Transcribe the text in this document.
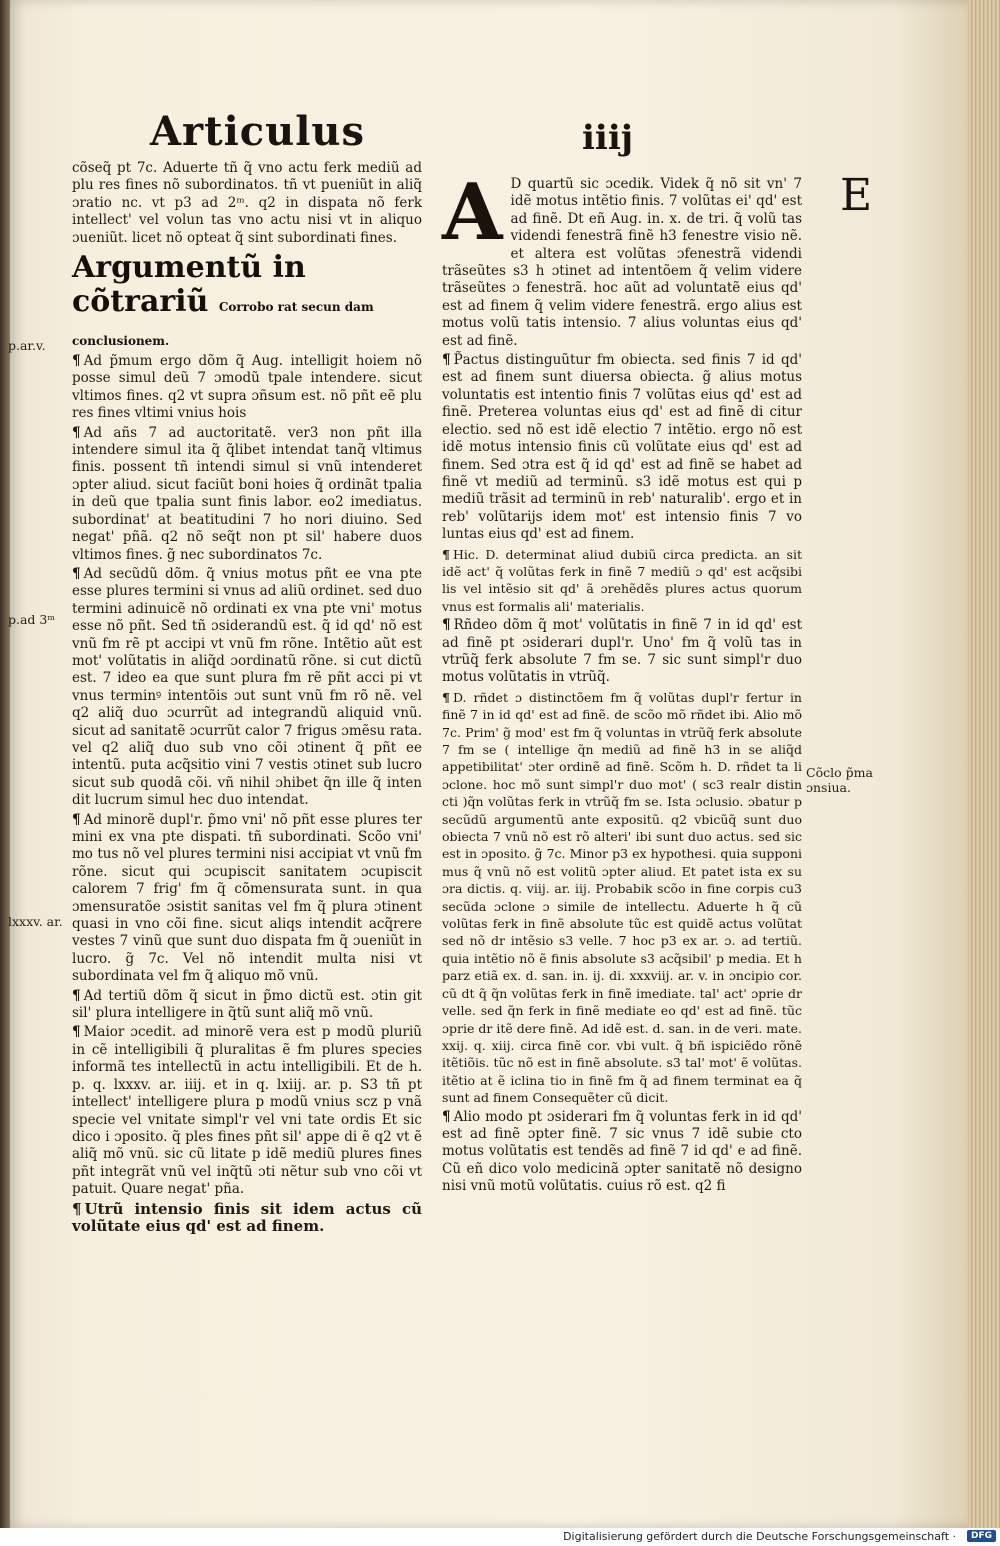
Articulus	iiij
E
p.ar.v.
p.ad 3ᵐ
lxxxv. ar.
Cõclo p̃ma ɔnsiua.

cõseq̃ pt 7c. Aduerte tñ q̃ vno actu ferk mediũ ad plu res fines nõ subordinatos. tñ vt pueniũt in aliq̃ ɔratio nc. vt p3 ad 2ᵐ. q2 in dispata nõ ferk intellect' vel volun tas vno actu nisi vt in aliquo ɔueniũt. licet nõ opteat q̃ sint subordinati fines.

Argumentũ in cõtrariũ Corrobo rat secun dam conclusionem.

¶ Ad p̃mum ergo dõm q̃ Aug. intelligit hoiem nõ posse simul deũ 7 ɔmodũ tpale intendere. sicut vltimos fines. q2 vt supra ɔñsum est. nõ pñt eẽ plu res fines vltimi vnius hois

¶ Ad añs 7 ad auctoritatẽ. ver3 non pñt illa intendere simul ita q̃ q̃libet intendat tanq̃ vltimus finis. possent tñ intendi simul si vnũ intenderet ɔpter aliud. sicut faciũt boni hoies q̃ ordinãt tpalia in deũ que tpalia sunt finis labor. eo2 imediatus. subordinat' at beatitudini 7 ho nori diuino. Sed negat' pñã. q2 nõ seq̃t non pt sil' habere duos vltimos fines. g̃ nec subordinatos 7c.

¶ Ad secũdũ dõm. q̃ vnius motus pñt ee vna pte esse plures termini si vnus ad aliũ ordinet. sed duo termini adinuicẽ nõ ordinati ex vna pte vni' motus esse nõ pñt. Sed tñ ɔsiderandũ est. q̃ id qd' nõ est vnũ fm rẽ pt accipi vt vnũ fm rõne. Intẽtio aũt est mot' volũtatis in aliq̃d ɔordinatũ rõne. si cut dictũ est. 7 ideo ea que sunt plura fm rẽ pñt acci pi vt vnus terminꝰ intentõis ɔut sunt vnũ fm rõ nẽ. vel q2 aliq̃ duo ɔcurrũt ad integrandũ aliquid vnũ. sicut ad sanitatẽ ɔcurrũt calor 7 frigus ɔmẽsu rata. vel q2 aliq̃ duo sub vno cõi ɔtinent q̃ pñt ee intentũ. puta acq̃sitio vini 7 vestis ɔtinet sub lucro sicut sub quodã cõi. vñ nihil ɔhibet q̃n ille q̃ inten dit lucrum simul hec duo intendat.

¶ Ad minorẽ dupl'r. p̃mo vni' nõ pñt esse plures ter mini ex vna pte dispati. tñ subordinati. Scõo vni' mo tus nõ vel plures termini nisi accipiat vt vnũ fm rõne. sicut qui ɔcupiscit sanitatem ɔcupiscit calorem 7 frig' fm q̃ cõmensurata sunt. in qua ɔmensuratõe ɔsistit sanitas vel fm q̃ plura ɔtinent quasi in vno cõi fine. sicut aliqs intendit acq̃rere vestes 7 vinũ que sunt duo dispata fm q̃ ɔueniũt in lucro. g̃ 7c. Vel nõ intendit multa nisi vt subordinata vel fm q̃ aliquo mõ vnũ.

¶ Ad tertiũ dõm q̃ sicut in p̃mo dictũ est. ɔtin git sil' plura intelligere in q̃tũ sunt aliq̃ mõ vnũ.

¶ Maior ɔcedit. ad minorẽ vera est p modũ pluriũ in cẽ intelligibili q̃ pluralitas ẽ fm plures species informã tes intellectũ in actu intelligibili. Et de h. p. q. lxxxv. ar. iiij. et in q. lxiij. ar. p. S3 tñ pt intellect' intelligere plura p modũ vnius scz p vnã specie vel vnitate simpl'r vel vni tate ordis Et sic dico i ɔposito. q̃ ples fines pñt sil' appe di ẽ q2 vt ẽ aliq̃ mõ vnũ. sic cũ litate p idẽ mediũ plures fines pñt integrãt vnũ vel inq̃tũ ɔti nẽtur sub vno cõi vt patuit. Quare negat' pña.

¶ Utrũ intensio finis sit idem actus cũ volũtate eius qd' est ad finem.

A D quartũ sic ɔcedik. Videk q̃ nõ sit vn' 7 idẽ motus intẽtio finis. 7 volũtas ei' qd' est ad finẽ. Dt eñ Aug. in. x. de tri. q̃ volũ tas videndi fenestrã finẽ h3 fenestre visio nẽ. et altera est volũtas ɔfenestrã videndi trãseũtes s3 h ɔtinet ad intentõem q̃ velim videre trãseũtes ɔ fenestrã. hoc aũt ad voluntatẽ eius qd' est ad finem q̃ velim videre fenestrã. ergo alius est motus volũ tatis intensio. 7 alius voluntas eius qd' est ad finẽ.

¶ P̃actus distinguũtur fm obiecta. sed finis 7 id qd' est ad finem sunt diuersa obiecta. g̃ alius motus voluntatis est intentio finis 7 volũtas eius qd' est ad finẽ. Preterea voluntas eius qd' est ad finẽ di citur electio. sed nõ est idẽ electio 7 intẽtio. ergo nõ est idẽ motus intensio finis cũ volũtate eius qd' est ad finem. Sed ɔtra est q̃ id qd' est ad finẽ se habet ad finẽ vt mediũ ad terminũ. s3 idẽ motus est qui p mediũ trãsit ad terminũ in reb' naturalib'. ergo et in reb' volũtarijs idem mot' est intensio finis 7 vo luntas eius qd' est ad finem.

¶ Hic. D. determinat aliud dubiũ circa predicta. an sit idẽ act' q̃ volũtas ferk in finẽ 7 mediũ ɔ qd' est acq̃sibi lis vel intẽsio sit qd' ã ɔrehẽdẽs plures actus quorum vnus est formalis ali' materialis.

¶ Rñdeo dõm q̃ mot' volũtatis in finẽ 7 in id qd' est ad finẽ pt ɔsiderari dupl'r. Uno' fm q̃ volũ tas in vtrũq̃ ferk absolute 7 fm se. 7 sic sunt simpl'r duo motus volũtatis in vtrũq̃.

¶ D. rñdet ɔ distinctõem fm q̃ volũtas dupl'r fertur in finẽ 7 in id qd' est ad finẽ. de scõo mõ rñdet ibi. Alio mõ 7c. Prim' g̃ mod' est fm q̃ voluntas in vtrũq̃ ferk absolute 7 fm se ( intellige q̃n mediũ ad finẽ h3 in se aliq̃d appetibilitat' ɔter ordinẽ ad finẽ. Scõm h. D. rñdet ta li ɔclone. hoc mõ sunt simpl'r duo mot' ( sc3 realr distin cti )q̃n volũtas ferk in vtrũq̃ fm se. Ista ɔclusio. ɔbatur p secũdũ argumentũ ante expositũ. q2 vbicũq̃ sunt duo obiecta 7 vnũ nõ est rõ alteri' ibi sunt duo actus. sed sic est in ɔposito. g̃ 7c. Minor p3 ex hypothesi. quia supponi mus q̃ vnũ nõ est volitũ ɔpter aliud. Et patet ista ex su ɔra dictis. q. viij. ar. iij. Probabik scõo in fine corpis cu3 secũda ɔclone ɔ simile de intellectu. Aduerte h q̃ cũ volũtas ferk in finẽ absolute tũc est quidẽ actus volũtat sed nõ dr intẽsio s3 velle. 7 hoc p3 ex ar. ɔ. ad tertiũ. quia intẽtio nõ ẽ finis absolute s3 acq̃sibil' p media. Et h parz etiã ex. d. san. in. ij. di. xxxviij. ar. v. in ɔncipio cor. cũ dt q̃ q̃n volũtas ferk in finẽ imediate. tal' act' ɔprie dr velle. sed q̃n ferk in finẽ mediate eo qd' est ad finẽ. tũc ɔprie dr itẽ dere finẽ. Ad idẽ est. d. san. in de veri. mate. xxij. q. xiij. circa finẽ cor. vbi vult. q̃ bñ ispiciẽdo rõnẽ itẽtiõis. tũc nõ est in finẽ absolute. s3 tal' mot' ẽ volũtas. itẽtio at ẽ iclina tio in finẽ fm q̃ ad finem terminat ea q̃ sunt ad finem Consequẽter cũ dicit.

¶ Alio modo pt ɔsiderari fm q̃ voluntas ferk in id qd' est ad finẽ ɔpter finẽ. 7 sic vnus 7 idẽ subie cto motus volũtatis est tendẽs ad finẽ 7 id qd' e ad finẽ. Cũ eñ dico volo medicinã ɔpter sanitatẽ nõ designo nisi vnũ motũ volũtatis. cuius rõ est. q2 fi

Digitalisierung gefördert durch die Deutsche Forschungsgemeinschaft ·	DFG
